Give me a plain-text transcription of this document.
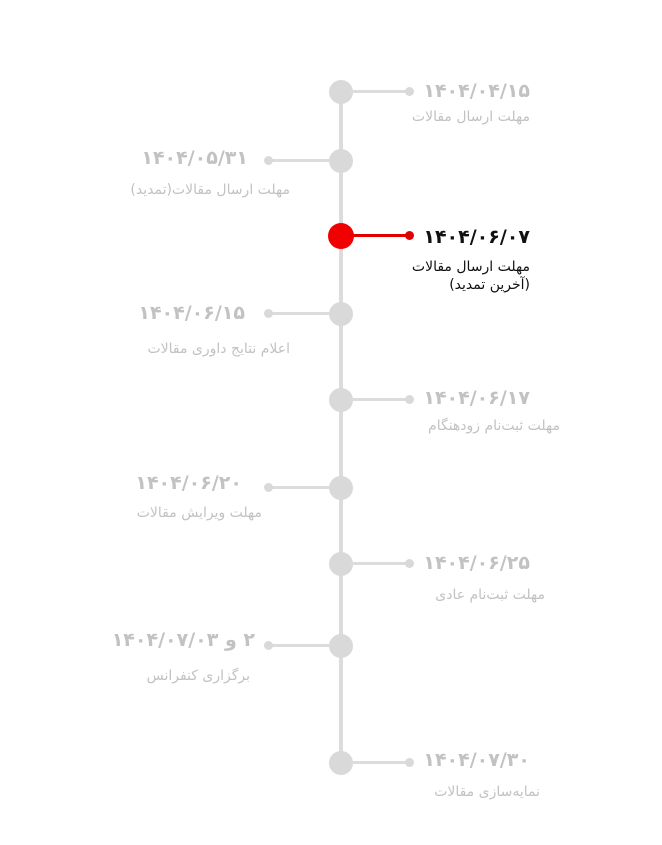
۱۴۰۴/۰۴/۱۵
مهلت ارسال مقالات
۱۴۰۴/۰۵/۳۱
مهلت ارسال مقالات(تمدید)
۱۴۰۴/۰۶/۰۷
مهلت ارسال مقالات
(آخرین تمدید)
۱۴۰۴/۰۶/۱۵
اعلام نتایج داوری مقالات
۱۴۰۴/۰۶/۱۷
مهلت ثبت‌نام زودهنگام
۱۴۰۴/۰۶/۲۰
مهلت ویرایش مقالات
۱۴۰۴/۰۶/۲۵
مهلت ثبت‌نام عادی
۲ و ۱۴۰۴/۰۷/۰۳
برگزاری کنفرانس
۱۴۰۴/۰۷/۳۰
نمایه‌سازی مقالات
